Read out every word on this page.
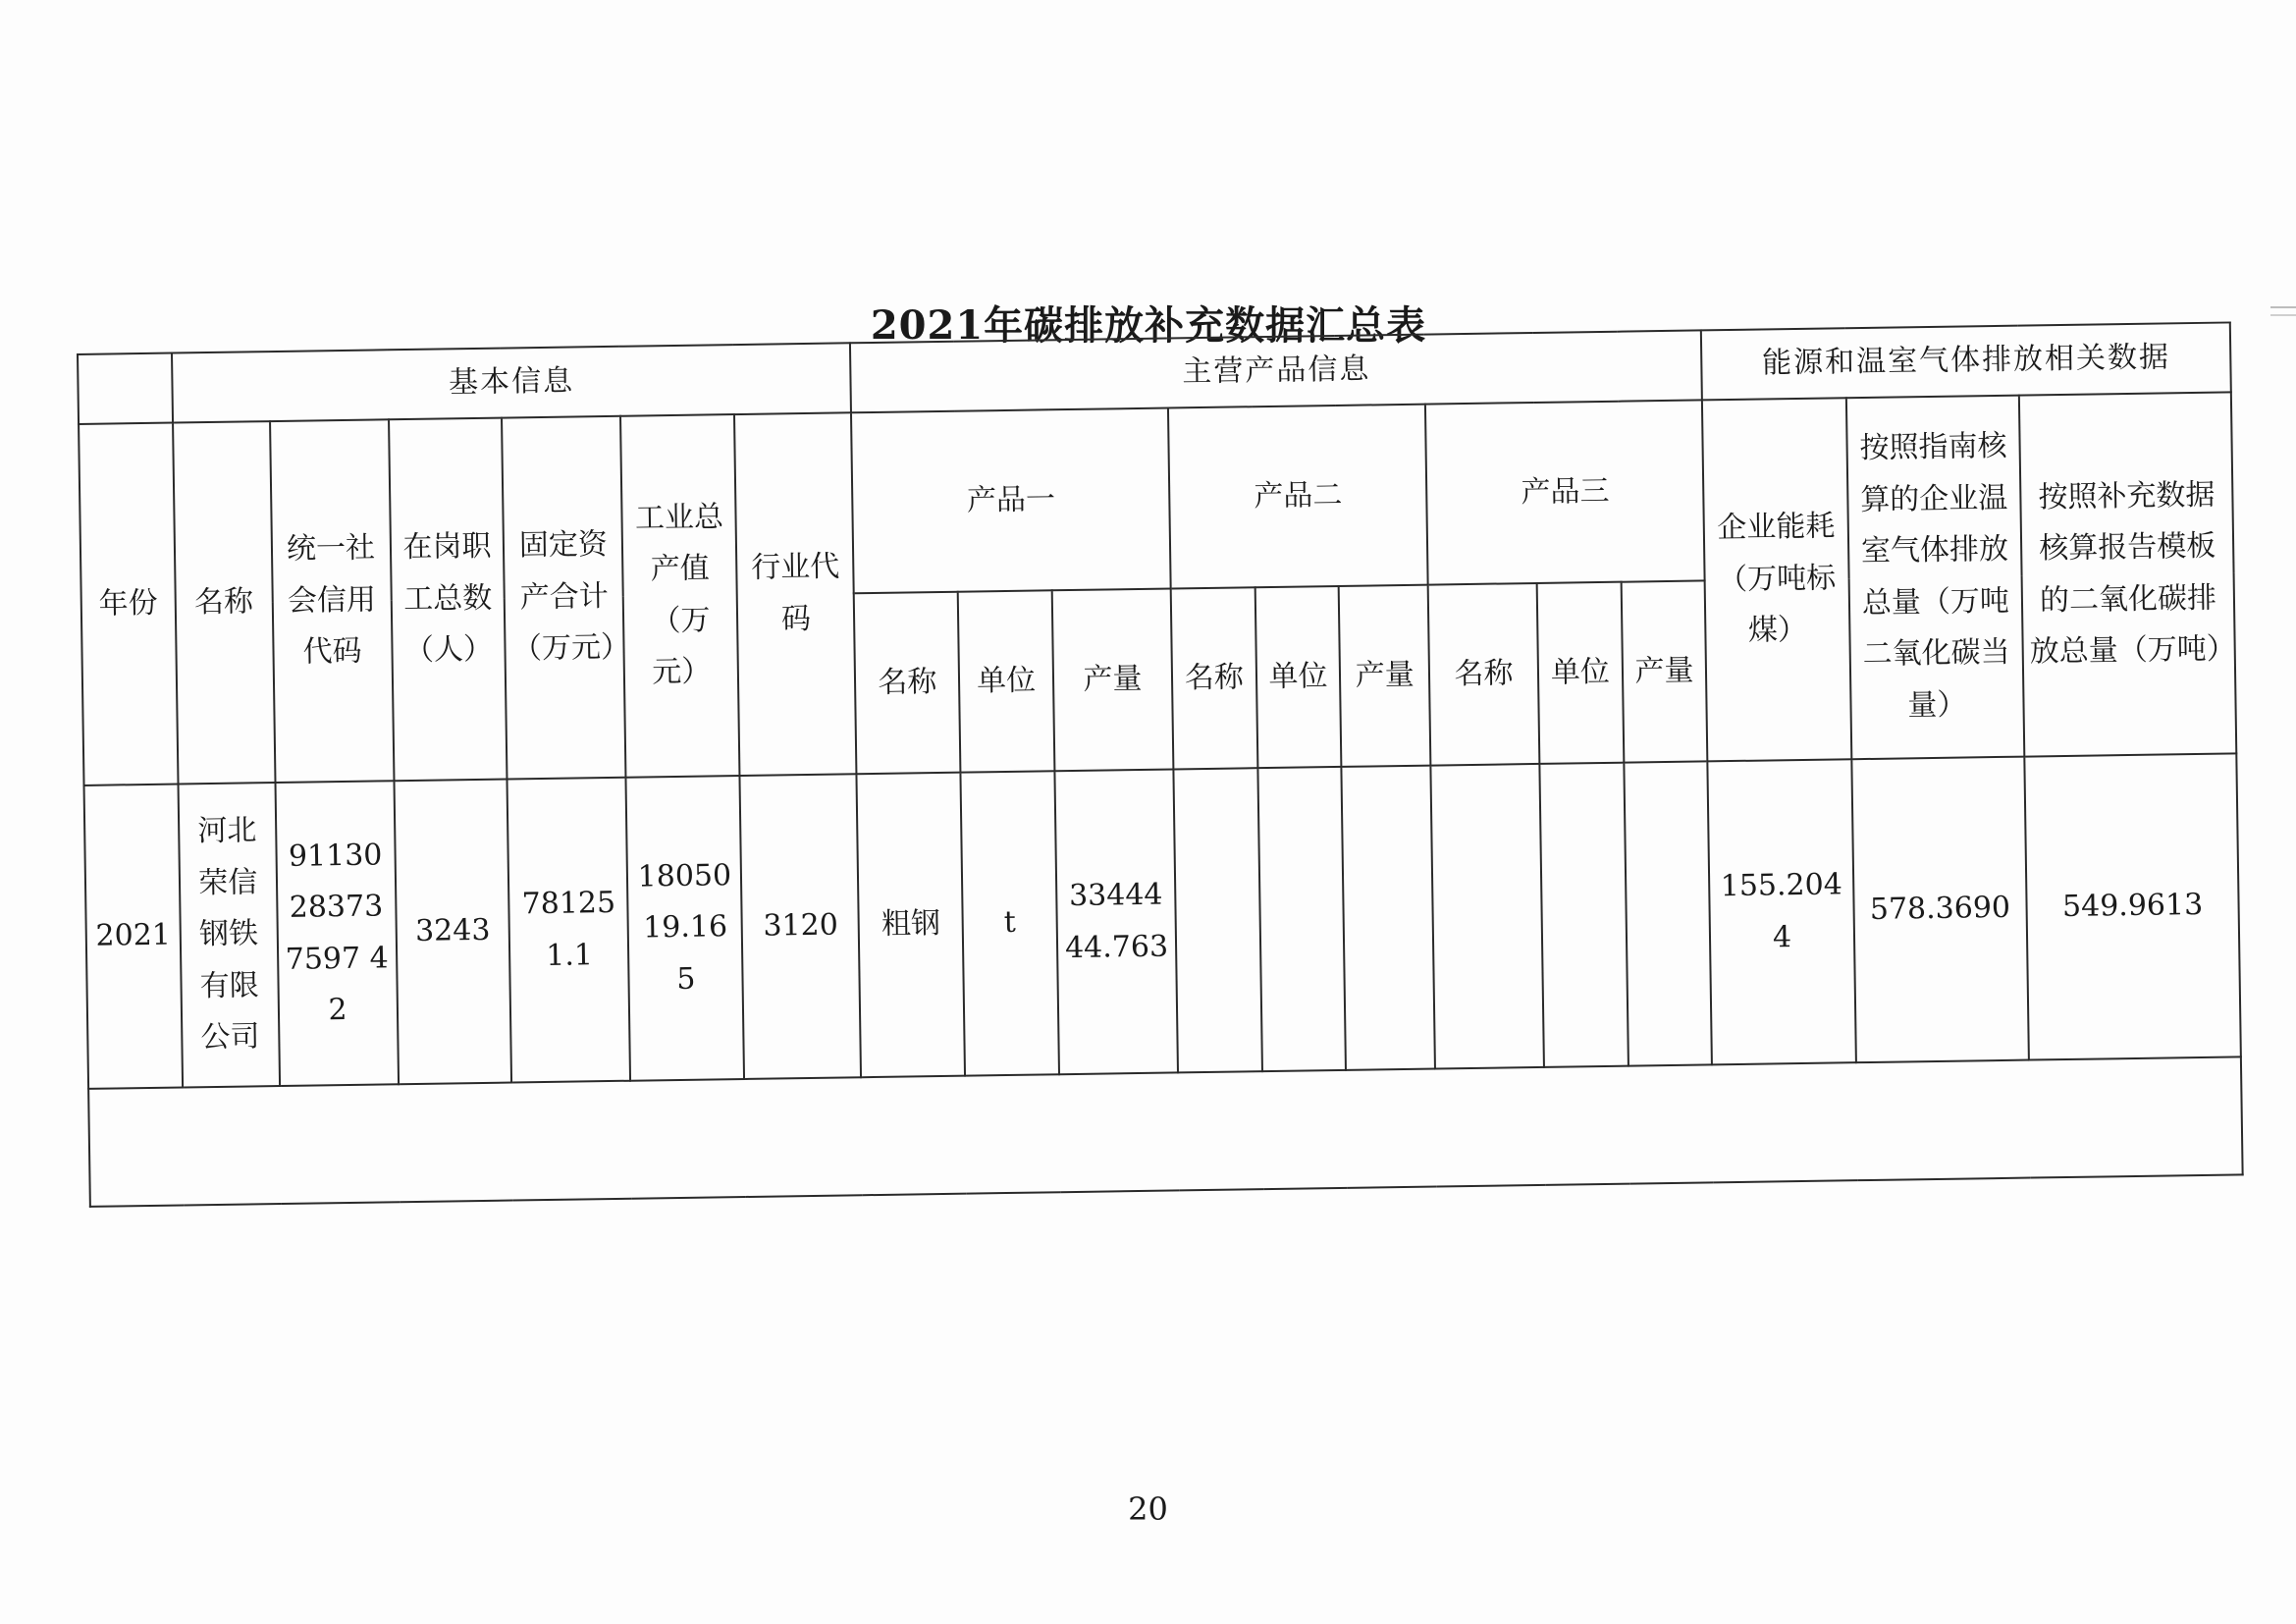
2021年碳排放补充数据汇总表
	基本信息						主营产品信息									能源和温室气体排放相关数据		
年份	名称	统一社会信用代码	在岗职工总数（人）	固定资产合计（万元）	工业总产值（万元）	行业代码	产品一			产品二			产品三			企业能耗（万吨标煤）	按照指南核算的企业温室气体排放总量（万吨二氧化碳当量）	按照补充数据核算报告模板的二氧化碳排放总量（万吨）
							名称	单位	产量	名称	单位	产量	名称	单位	产量			
2021	河北荣信钢铁有限公司	91130283737597 42	3243	781251.1	1805019.165	3120	粗钢	t	3344444.763							155.2044	578.3690	549.9613

20
